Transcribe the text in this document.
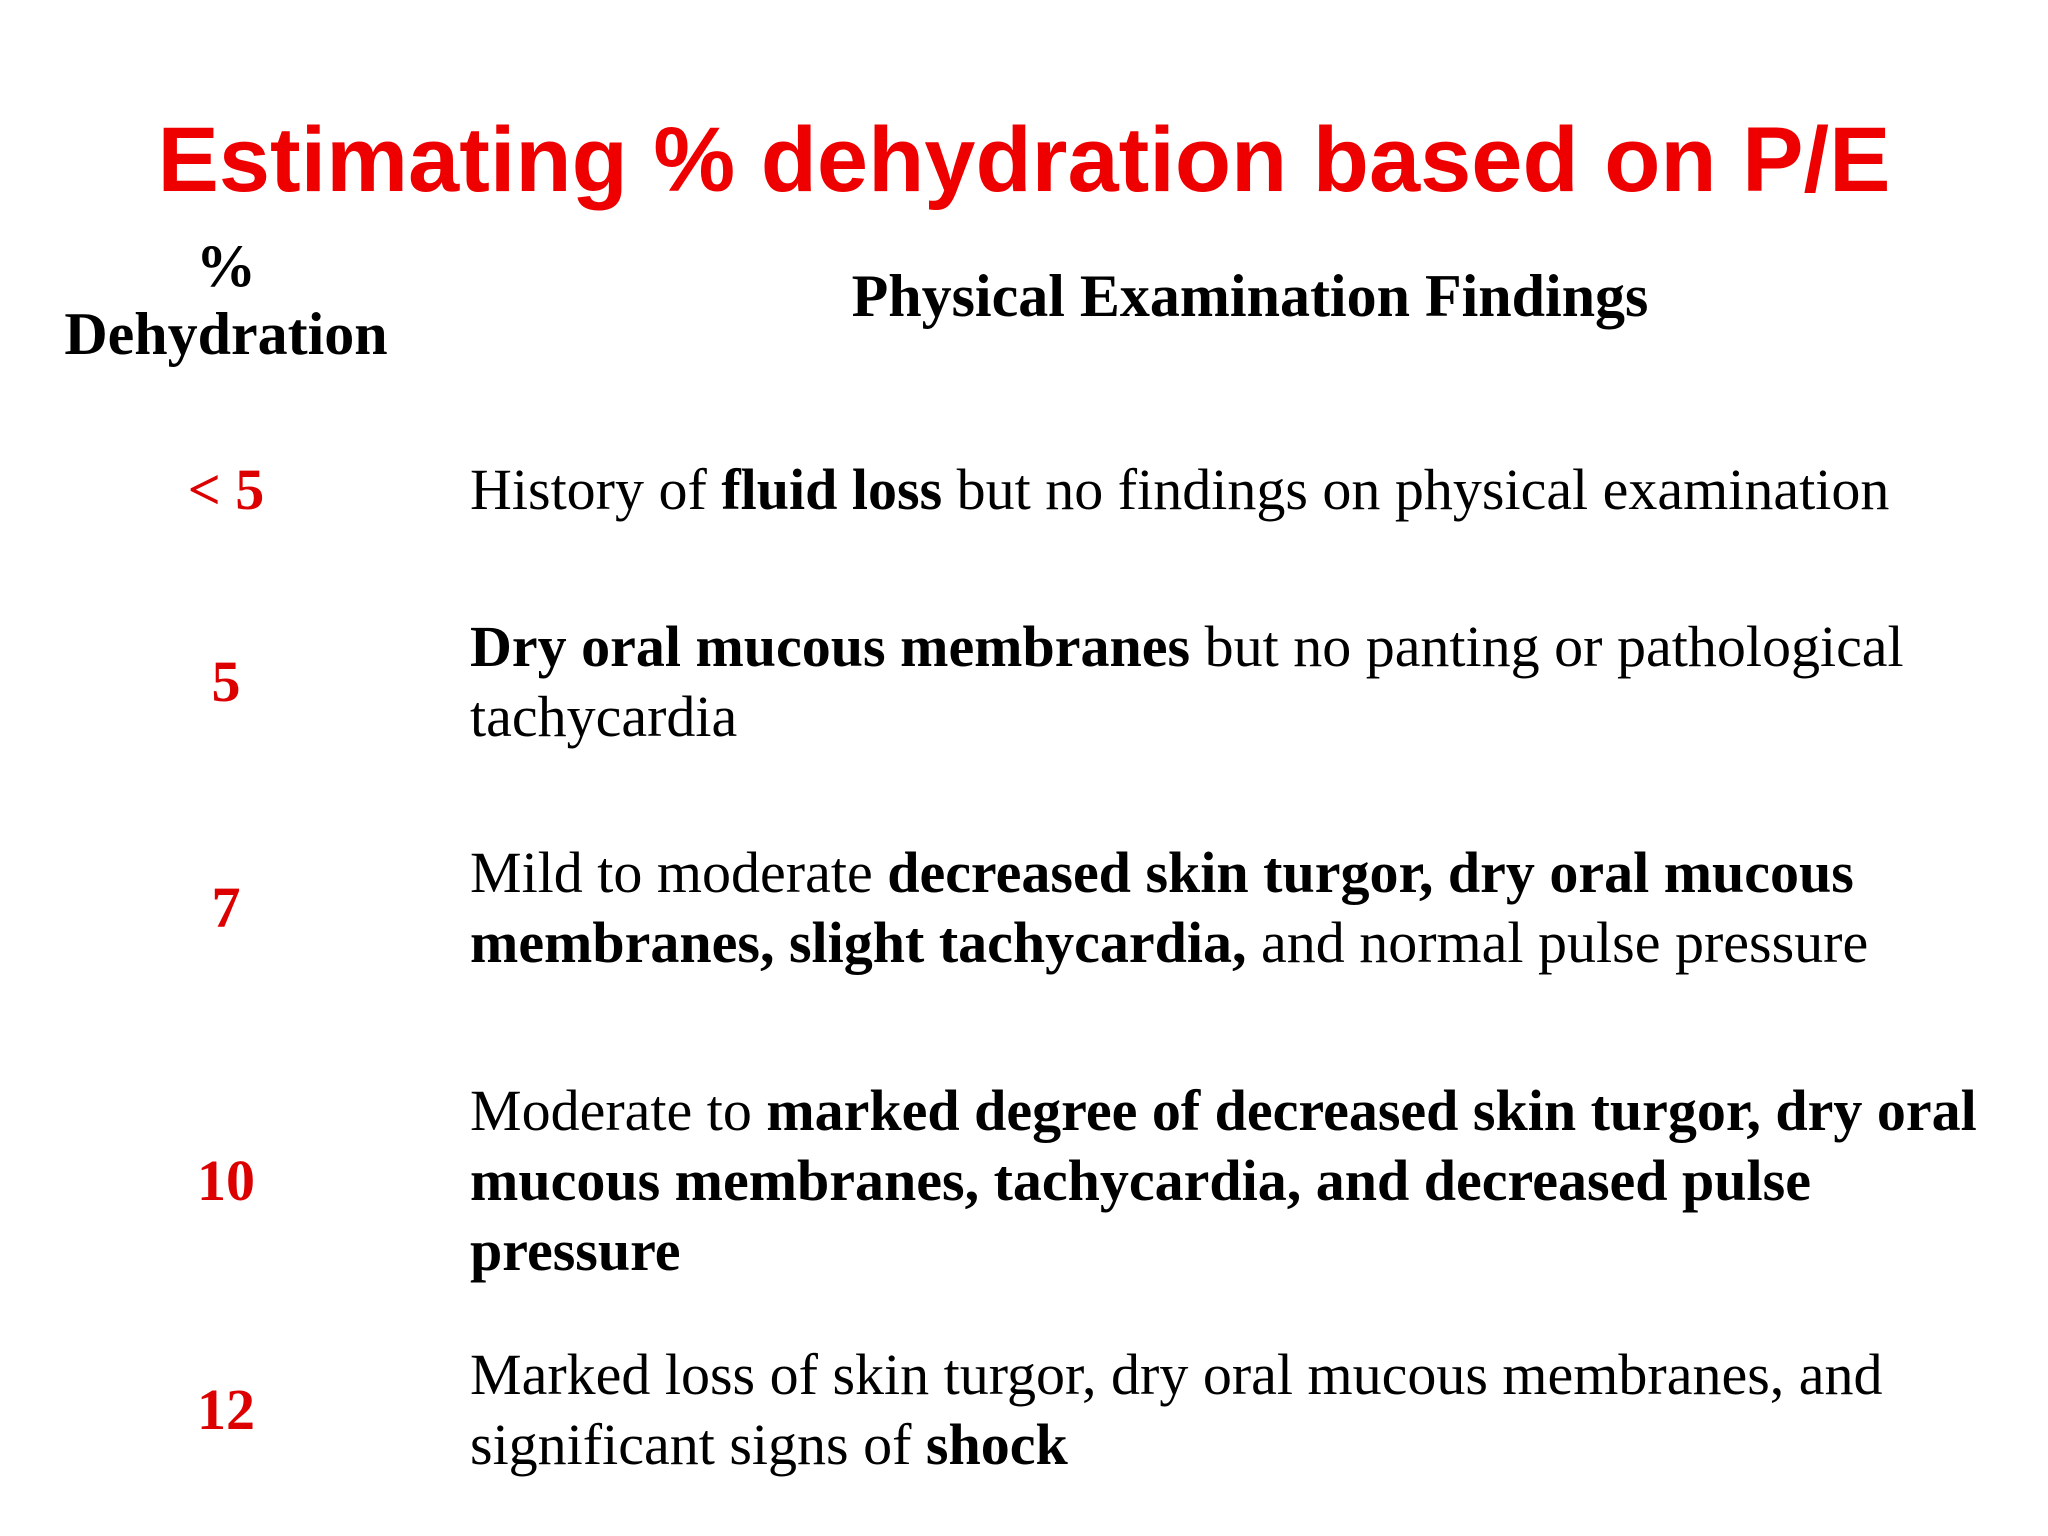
Estimating % dehydration based on P/E
%
Dehydration
Physical Examination Findings
< 5	History of fluid loss but no findings on physical examination
5
Dry oral mucous membranes but no panting or pathological tachycardia
7
Mild to moderate decreased skin turgor, dry oral mucous membranes, slight tachycardia, and normal pulse pressure
10
Moderate to marked degree of decreased skin turgor, dry oral mucous membranes, tachycardia, and decreased pulse pressure
12
Marked loss of skin turgor, dry oral mucous membranes, and significant signs of shock
